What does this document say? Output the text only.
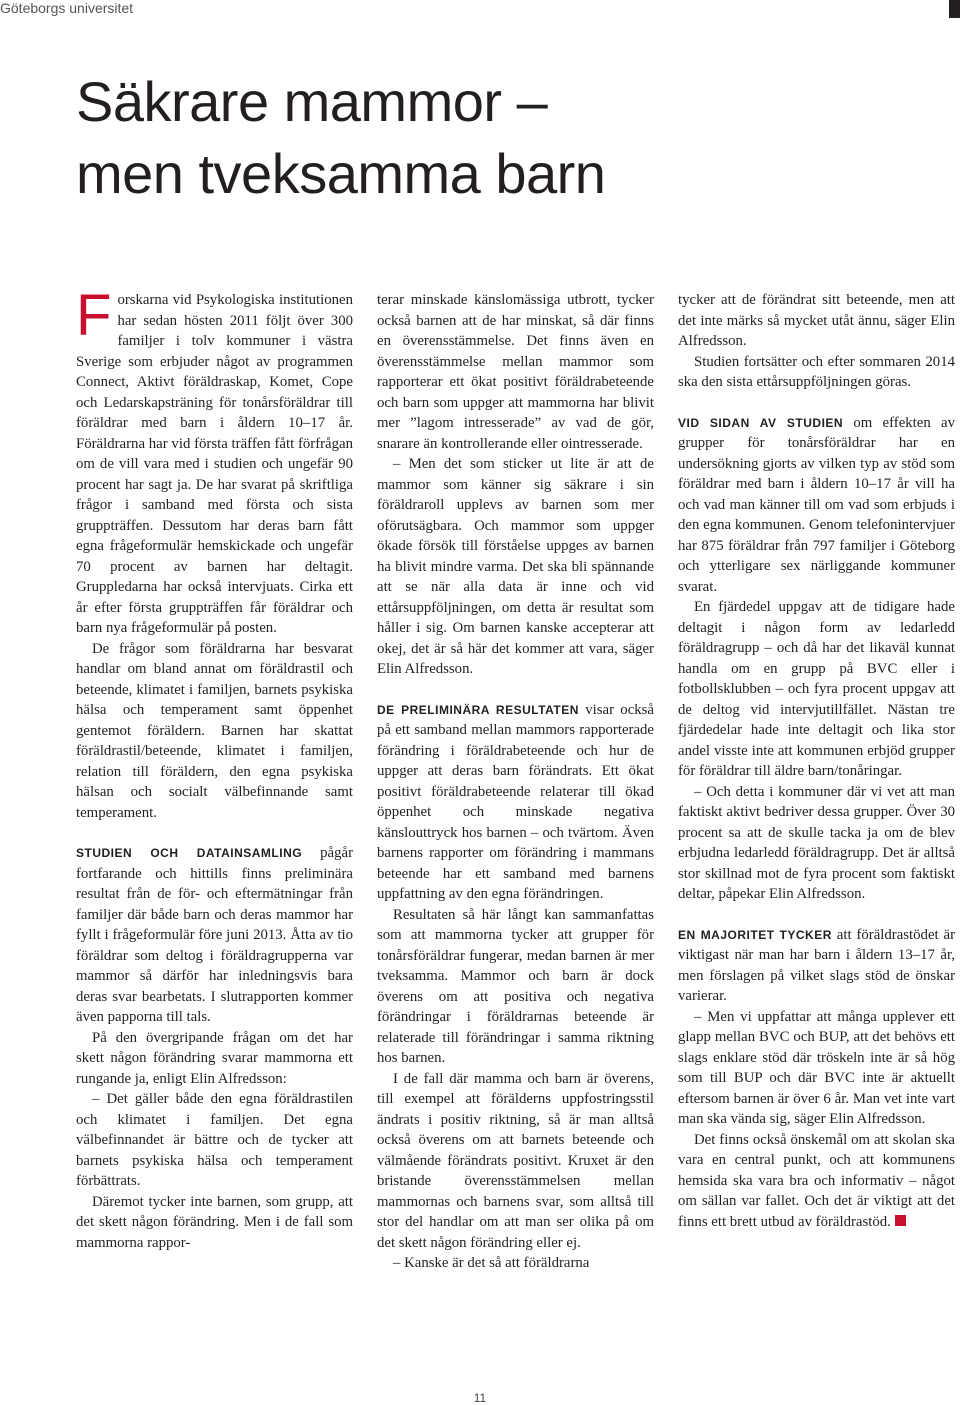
Göteborgs universitet
Säkrare mammor –
men tveksamma barn

Forskarna vid Psykologiska institutionen har sedan hösten 2011 följt över 300 familjer i tolv kommuner i västra Sverige som erbjuder något av programmen Connect, Aktivt föräldraskap, Komet, Cope och Ledarskapsträning för tonårsföräldrar till föräldrar med barn i åldern 10–17 år. Föräldrarna har vid första träffen fått förfrågan om de vill vara med i studien och ungefär 90 procent har sagt ja. De har svarat på skriftliga frågor i samband med första och sista gruppträffen. Dessutom har deras barn fått egna frågeformulär hemskickade och ungefär 70 procent av barnen har deltagit. Gruppledarna har också intervjuats. Cirka ett år efter första gruppträffen får föräldrar och barn nya frågeformulär på posten.

De frågor som föräldrarna har besvarat handlar om bland annat om föräldrastil och beteende, klimatet i familjen, barnets psykiska hälsa och temperament samt öppenhet gentemot föräldern. Barnen har skattat föräldrastil/beteende, klimatet i familjen, relation till föräldern, den egna psykiska hälsan och socialt välbefinnande samt temperament.

STUDIEN OCH DATAINSAMLING pågår fortfarande och hittills finns preliminära resultat från de för- och eftermätningar från familjer där både barn och deras mammor har fyllt i frågeformulär före juni 2013. Åtta av tio föräldrar som deltog i föräldragrupperna var mammor så därför har inledningsvis bara deras svar bearbetats. I slutrapporten kommer även papporna till tals.

På den övergripande frågan om det har skett någon förändring svarar mammorna ett rungande ja, enligt Elin Alfredsson:

– Det gäller både den egna föräldrastilen och klimatet i familjen. Det egna välbefinnandet är bättre och de tycker att barnets psykiska hälsa och temperament förbättrats.

Däremot tycker inte barnen, som grupp, att det skett någon förändring. Men i de fall som mammorna rappor-

terar minskade känslomässiga utbrott, tycker också barnen att de har minskat, så där finns en överensstämmelse. Det finns även en överensstämmelse mellan mammor som rapporterar ett ökat positivt föräldrabeteende och barn som uppger att mammorna har blivit mer ”lagom intresserade” av vad de gör, snarare än kontrollerande eller ointresserade.

– Men det som sticker ut lite är att de mammor som känner sig säkrare i sin föräldraroll upplevs av barnen som mer oförutsägbara. Och mammor som uppger ökade försök till förståelse uppges av barnen ha blivit mindre varma. Det ska bli spännande att se när alla data är inne och vid ettårsuppföljningen, om detta är resultat som håller i sig. Om barnen kanske accepterar att okej, det är så här det kommer att vara, säger Elin Alfredsson.

DE PRELIMINÄRA RESULTATEN visar också på ett samband mellan mammors rapporterade förändring i föräldrabeteende och hur de uppger att deras barn förändrats. Ett ökat positivt föräldrabeteende relaterar till ökad öppenhet och minskade negativa känslouttryck hos barnen – och tvärtom. Även barnens rapporter om förändring i mammans beteende har ett samband med barnens uppfattning av den egna förändringen.

Resultaten så här långt kan sammanfattas som att mammorna tycker att grupper för tonårsföräldrar fungerar, medan barnen är mer tveksamma. Mammor och barn är dock överens om att positiva och negativa förändringar i föräldrarnas beteende är relaterade till förändringar i samma riktning hos barnen.

I de fall där mamma och barn är överens, till exempel att förälderns uppfostringsstil ändrats i positiv riktning, så är man alltså också överens om att barnets beteende och välmående förändrats positivt. Kruxet är den bristande överensstämmelsen mellan mammornas och barnens svar, som alltså till stor del handlar om att man ser olika på om det skett någon förändring eller ej.

– Kanske är det så att föräldrarna

tycker att de förändrat sitt beteende, men att det inte märks så mycket utåt ännu, säger Elin Alfredsson.

Studien fortsätter och efter sommaren 2014 ska den sista ettårsuppföljningen göras.

VID SIDAN AV STUDIEN om effekten av grupper för tonårsföräldrar har en undersökning gjorts av vilken typ av stöd som föräldrar med barn i åldern 10–17 år vill ha och vad man känner till om vad som erbjuds i den egna kommunen. Genom telefonintervjuer har 875 föräldrar från 797 familjer i Göteborg och ytterligare sex närliggande kommuner svarat.

En fjärdedel uppgav att de tidigare hade deltagit i någon form av ledarledd föräldragrupp – och då har det likaväl kunnat handla om en grupp på BVC eller i fotbollsklubben – och fyra procent uppgav att de deltog vid intervjutillfället. Nästan tre fjärdedelar hade inte deltagit och lika stor andel visste inte att kommunen erbjöd grupper för föräldrar till äldre barn/tonåringar.

– Och detta i kommuner där vi vet att man faktiskt aktivt bedriver dessa grupper. Över 30 procent sa att de skulle tacka ja om de blev erbjudna ledarledd föräldragrupp. Det är alltså stor skillnad mot de fyra procent som faktiskt deltar, påpekar Elin Alfredsson.

EN MAJORITET TYCKER att föräldrastödet är viktigast när man har barn i åldern 13–17 år, men förslagen på vilket slags stöd de önskar varierar.

– Men vi uppfattar att många upplever ett glapp mellan BVC och BUP, att det behövs ett slags enklare stöd där tröskeln inte är så hög som till BUP och där BVC inte är aktuellt eftersom barnen är över 6 år. Man vet inte vart man ska vända sig, säger Elin Alfredsson.

Det finns också önskemål om att skolan ska vara en central punkt, och att kommunens hemsida ska vara bra och informativ – något om sällan var fallet. Och det är viktigt att det finns ett brett utbud av föräldrastöd.

11
